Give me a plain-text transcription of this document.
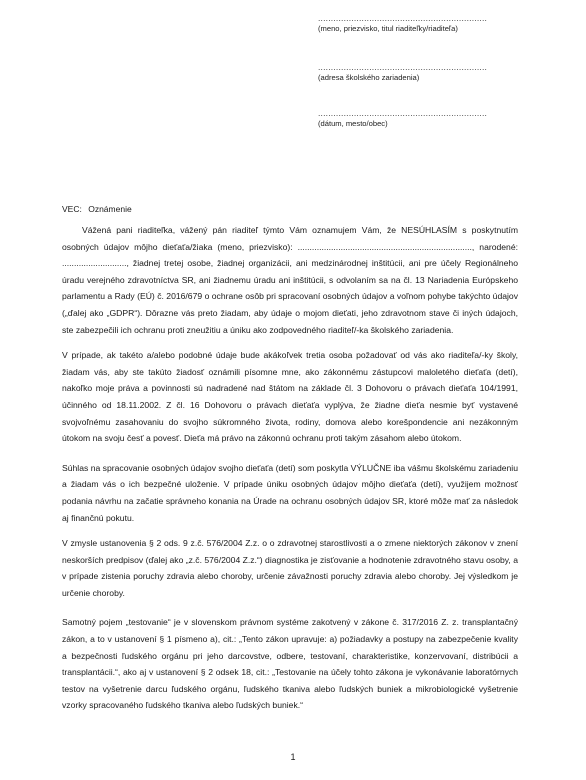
..................................................................
(meno, priezvisko, titul riaditeľky/riaditeľa)
..................................................................
(adresa školského zariadenia)
..................................................................
(dátum, mesto/obec)
VEC: Oznámenie

Vážená pani riaditeľka, vážený pán riaditeľ týmto Vám oznamujem Vám, že NESÚHLASÍM s poskytnutím osobných údajov môjho dieťaťa/žiaka (meno, priezvisko): ........................................................................., narodené: ..........................., žiadnej tretej osobe, žiadnej organizácii, ani medzinárodnej inštitúcii, ani pre účely Regionálneho úradu verejného zdravotníctva SR, ani žiadnemu úradu ani inštitúcii, s odvolaním sa na čl. 13 Nariadenia Európskeho parlamentu a Rady (EÚ) č. 2016/679 o ochrane osôb pri spracovaní osobných údajov a voľnom pohybe takýchto údajov („ďalej ako „GDPR“). Dôrazne vás preto žiadam, aby údaje o mojom dieťati, jeho zdravotnom stave či iných údajoch, ste zabezpečili ich ochranu proti zneužitiu a úniku ako zodpovedného riaditeľ/-ka školského zariadenia.

V prípade, ak takéto a/alebo podobné údaje bude akákoľvek tretia osoba požadovať od vás ako riaditeľa/-ky školy, žiadam vás, aby ste takúto žiadosť oznámili písomne mne, ako zákonnému zástupcovi maloletého dieťaťa (detí), nakoľko moje práva a povinnosti sú nadradené nad štátom na základe čl. 3 Dohovoru o právach dieťaťa 104/1991, účinného od 18.11.2002. Z čl. 16 Dohovoru o právach dieťaťa vyplýva, že žiadne dieťa nesmie byť vystavené svojvoľnému zasahovaniu do svojho súkromného života, rodiny, domova alebo korešpondencie ani nezákonným útokom na svoju česť a povesť. Dieťa má právo na zákonnú ochranu proti takým zásahom alebo útokom.

Súhlas na spracovanie osobných údajov svojho dieťaťa (detí) som poskytla VÝLUČNE iba vášmu školskému zariadeniu a žiadam vás o ich bezpečné uloženie. V prípade úniku osobných údajov môjho dieťaťa (detí), využijem možnosť podania návrhu na začatie správneho konania na Úrade na ochranu osobných údajov SR, ktoré môže mať za následok aj finančnú pokutu.

V zmysle ustanovenia § 2 ods. 9 z.č. 576/2004 Z.z. o o zdravotnej starostlivosti a o zmene niektorých zákonov v znení neskorších predpisov (ďalej ako „z.č. 576/2004 Z.z.“) diagnostika je zisťovanie a hodnotenie zdravotného stavu osoby, a v prípade zistenia poruchy zdravia alebo choroby, určenie závažnosti poruchy zdravia alebo choroby. Jej výsledkom je určenie choroby.

Samotný pojem „testovanie“ je v slovenskom právnom systéme zakotvený v zákone č. 317/2016 Z. z. transplantačný zákon, a to v ustanovení § 1 písmeno a), cit.: „Tento zákon upravuje: a) požiadavky a postupy na zabezpečenie kvality a bezpečnosti ľudského orgánu pri jeho darcovstve, odbere, testovaní, charakteristike, konzervovaní, distribúcii a transplantácii.“, ako aj v ustanovení § 2 odsek 18, cit.: „Testovanie na účely tohto zákona je vykonávanie laboratórnych testov na vyšetrenie darcu ľudského orgánu, ľudského tkaniva alebo ľudských buniek a mikrobiologické vyšetrenie vzorky spracovaného ľudského tkaniva alebo ľudských buniek.“

1
